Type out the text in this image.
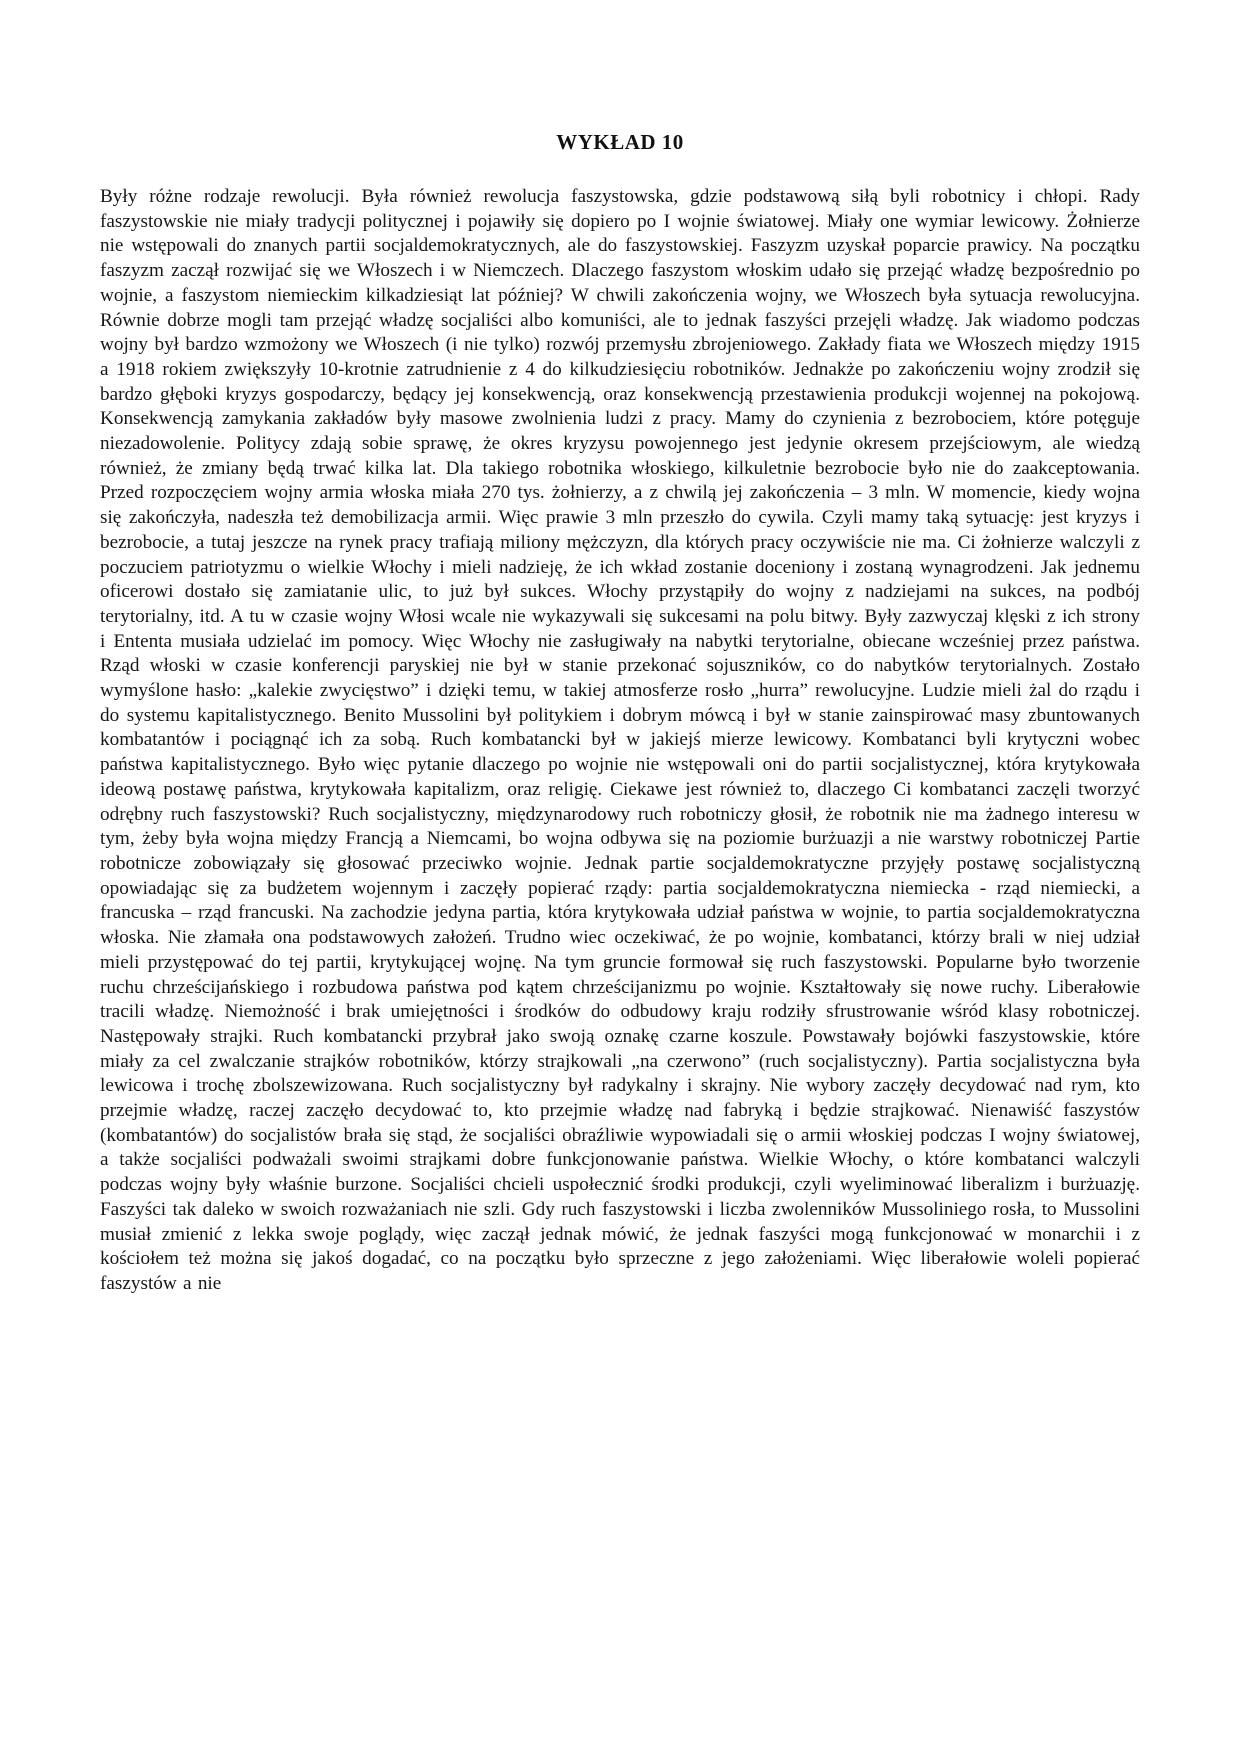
WYKŁAD 10

Były różne rodzaje rewolucji. Była również rewolucja faszystowska, gdzie podstawową siłą byli robotnicy i chłopi. Rady faszystowskie nie miały tradycji politycznej i pojawiły się dopiero po I wojnie światowej. Miały one wymiar lewicowy. Żołnierze nie wstępowali do znanych partii socjaldemokratycznych, ale do faszystowskiej. Faszyzm uzyskał poparcie prawicy. Na początku faszyzm zaczął rozwijać się we Włoszech i w Niemczech. Dlaczego faszystom włoskim udało się przejąć władzę bezpośrednio po wojnie, a faszystom niemieckim kilkadziesiąt lat później? W chwili zakończenia wojny, we Włoszech była sytuacja rewolucyjna. Równie dobrze mogli tam przejąć władzę socjaliści albo komuniści, ale to jednak faszyści przejęli władzę. Jak wiadomo podczas wojny był bardzo wzmożony we Włoszech (i nie tylko) rozwój przemysłu zbrojeniowego. Zakłady fiata we Włoszech między 1915 a 1918 rokiem zwiększyły 10-krotnie zatrudnienie z 4 do kilkudziesięciu robotników. Jednakże po zakończeniu wojny zrodził się bardzo głęboki kryzys gospodarczy, będący jej konsekwencją, oraz konsekwencją przestawienia produkcji wojennej na pokojową. Konsekwencją zamykania zakładów były masowe zwolnienia ludzi z pracy. Mamy do czynienia z bezrobociem, które potęguje niezadowolenie. Politycy zdają sobie sprawę, że okres kryzysu powojennego jest jedynie okresem przejściowym, ale wiedzą również, że zmiany będą trwać kilka lat. Dla takiego robotnika włoskiego, kilkuletnie bezrobocie było nie do zaakceptowania. Przed rozpoczęciem wojny armia włoska miała 270 tys. żołnierzy, a z chwilą jej zakończenia – 3 mln. W momencie, kiedy wojna się zakończyła, nadeszła też demobilizacja armii. Więc prawie 3 mln przeszło do cywila. Czyli mamy taką sytuację: jest kryzys i bezrobocie, a tutaj jeszcze na rynek pracy trafiają miliony mężczyzn, dla których pracy oczywiście nie ma. Ci żołnierze walczyli z poczuciem patriotyzmu o wielkie Włochy i mieli nadzieję, że ich wkład zostanie doceniony i zostaną wynagrodzeni. Jak jednemu oficerowi dostało się zamiatanie ulic, to już był sukces. Włochy przystąpiły do wojny z nadziejami na sukces, na podbój terytorialny, itd. A tu w czasie wojny Włosi wcale nie wykazywali się sukcesami na polu bitwy. Były zazwyczaj klęski z ich strony i Ententa musiała udzielać im pomocy. Więc Włochy nie zasługiwały na nabytki terytorialne, obiecane wcześniej przez państwa. Rząd włoski w czasie konferencji paryskiej nie był w stanie przekonać sojuszników, co do nabytków terytorialnych. Zostało wymyślone hasło: „kalekie zwycięstwo” i dzięki temu, w takiej atmosferze rosło „hurra” rewolucyjne. Ludzie mieli żal do rządu i do systemu kapitalistycznego. Benito Mussolini był politykiem i dobrym mówcą i był w stanie zainspirować masy zbuntowanych kombatantów i pociągnąć ich za sobą. Ruch kombatancki był w jakiejś mierze lewicowy. Kombatanci byli krytyczni wobec państwa kapitalistycznego. Było więc pytanie dlaczego po wojnie nie wstępowali oni do partii socjalistycznej, która krytykowała ideową postawę państwa, krytykowała kapitalizm, oraz religię. Ciekawe jest również to, dlaczego Ci kombatanci zaczęli tworzyć odrębny ruch faszystowski? Ruch socjalistyczny, międzynarodowy ruch robotniczy głosił, że robotnik nie ma żadnego interesu w tym, żeby była wojna między Francją a Niemcami, bo wojna odbywa się na poziomie burżuazji a nie warstwy robotniczej Partie robotnicze zobowiązały się głosować przeciwko wojnie. Jednak partie socjaldemokratyczne przyjęły postawę socjalistyczną opowiadając się za budżetem wojennym i zaczęły popierać rządy: partia socjaldemokratyczna niemiecka - rząd niemiecki, a francuska – rząd francuski. Na zachodzie jedyna partia, która krytykowała udział państwa w wojnie, to partia socjaldemokratyczna włoska. Nie złamała ona podstawowych założeń. Trudno wiec oczekiwać, że po wojnie, kombatanci, którzy brali w niej udział mieli przystępować do tej partii, krytykującej wojnę. Na tym gruncie formował się ruch faszystowski. Popularne było tworzenie ruchu chrześcijańskiego i rozbudowa państwa pod kątem chrześcijanizmu po wojnie. Kształtowały się nowe ruchy. Liberałowie tracili władzę. Niemożność i brak umiejętności i środków do odbudowy kraju rodziły sfrustrowanie wśród klasy robotniczej. Następowały strajki. Ruch kombatancki przybrał jako swoją oznakę czarne koszule. Powstawały bojówki faszystowskie, które miały za cel zwalczanie strajków robotników, którzy strajkowali „na czerwono” (ruch socjalistyczny). Partia socjalistyczna była lewicowa i trochę zbolszewizowana. Ruch socjalistyczny był radykalny i skrajny. Nie wybory zaczęły decydować nad rym, kto przejmie władzę, raczej zaczęło decydować to, kto przejmie władzę nad fabryką i będzie strajkować. Nienawiść faszystów (kombatantów) do socjalistów brała się stąd, że socjaliści obraźliwie wypowiadali się o armii włoskiej podczas I wojny światowej, a także socjaliści podważali swoimi strajkami dobre funkcjonowanie państwa. Wielkie Włochy, o które kombatanci walczyli podczas wojny były właśnie burzone. Socjaliści chcieli uspołecznić środki produkcji, czyli wyeliminować liberalizm i burżuazję. Faszyści tak daleko w swoich rozważaniach nie szli. Gdy ruch faszystowski i liczba zwolenników Mussoliniego rosła, to Mussolini musiał zmienić z lekka swoje poglądy, więc zaczął jednak mówić, że jednak faszyści mogą funkcjonować w monarchii i z kościołem też można się jakoś dogadać, co na początku było sprzeczne z jego założeniami. Więc liberałowie woleli popierać faszystów a nie
